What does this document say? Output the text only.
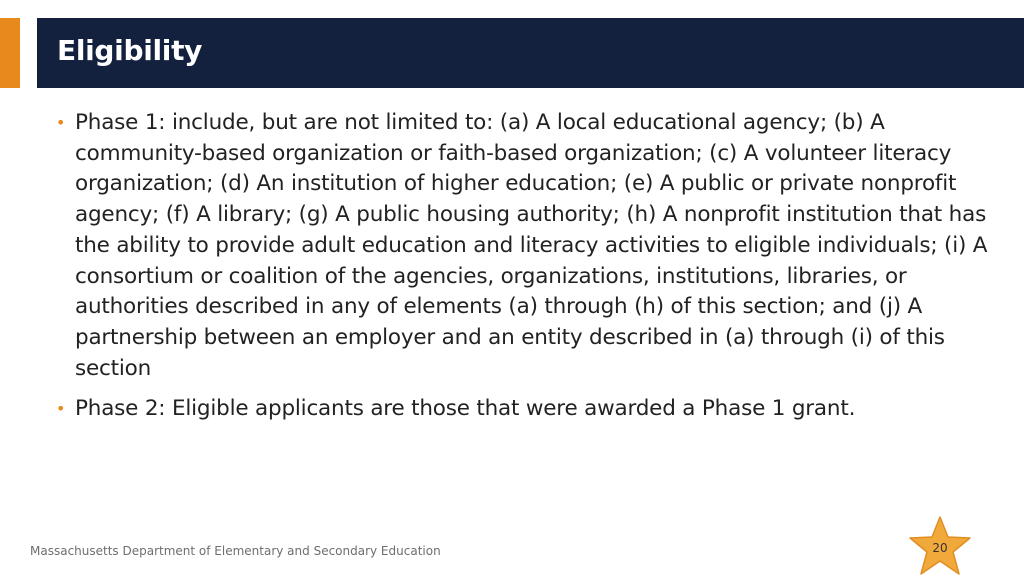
Eligibility
• Phase 1: include, but are not limited to: (a) A local educational agency; (b) A community-based organization or faith-based organization; (c) A volunteer literacy organization; (d) An institution of higher education; (e) A public or private nonprofit agency; (f) A library; (g) A public housing authority; (h) A nonprofit institution that has the ability to provide adult education and literacy activities to eligible individuals; (i) A consortium or coalition of the agencies, organizations, institutions, libraries, or authorities described in any of elements (a) through (h) of this section; and (j) A partnership between an employer and an entity described in (a) through (i) of this section
• Phase 2: Eligible applicants are those that were awarded a Phase 1 grant.
Massachusetts Department of Elementary and Secondary Education	20
